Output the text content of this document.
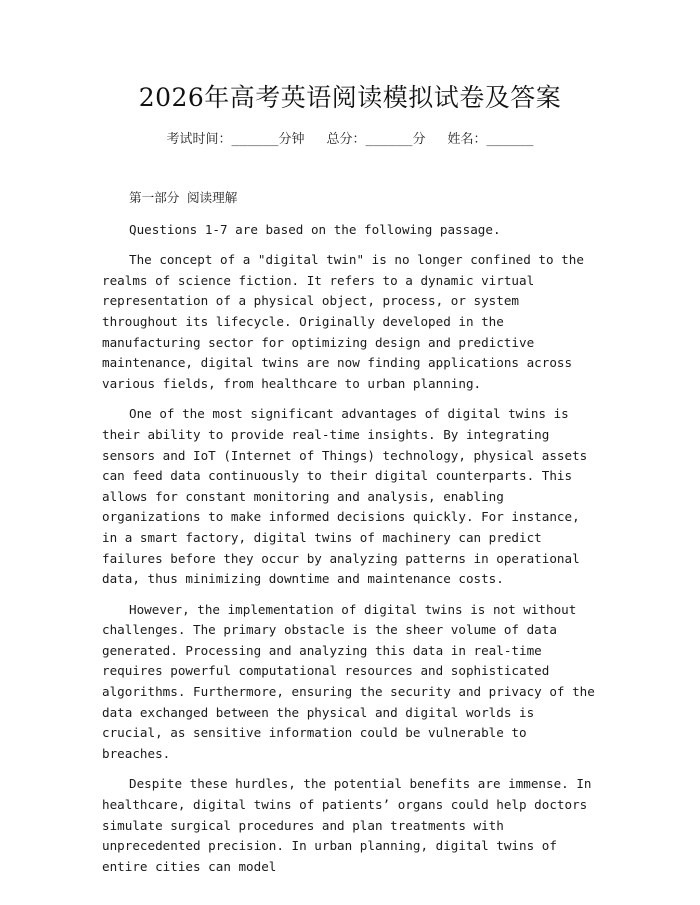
2026年高考英语阅读模拟试卷及答案
考试时间：______分钟 总分：______分 姓名：______

第一部分 阅读理解

Questions 1-7 are based on the following passage.

The concept of a "digital twin" is no longer confined to the realms of science fiction. It refers to a dynamic virtual representation of a physical object, process, or system throughout its lifecycle. Originally developed in the manufacturing sector for optimizing design and predictive maintenance, digital twins are now finding applications across various fields, from healthcare to urban planning.

One of the most significant advantages of digital twins is their ability to provide real-time insights. By integrating sensors and IoT (Internet of Things) technology, physical assets can feed data continuously to their digital counterparts. This allows for constant monitoring and analysis, enabling organizations to make informed decisions quickly. For instance, in a smart factory, digital twins of machinery can predict failures before they occur by analyzing patterns in operational data, thus minimizing downtime and maintenance costs.

However, the implementation of digital twins is not without challenges. The primary obstacle is the sheer volume of data generated. Processing and analyzing this data in real-time requires powerful computational resources and sophisticated algorithms. Furthermore, ensuring the security and privacy of the data exchanged between the physical and digital worlds is crucial, as sensitive information could be vulnerable to breaches.

Despite these hurdles, the potential benefits are immense. In healthcare, digital twins of patients’ organs could help doctors simulate surgical procedures and plan treatments with unprecedented precision. In urban planning, digital twins of entire cities can model
